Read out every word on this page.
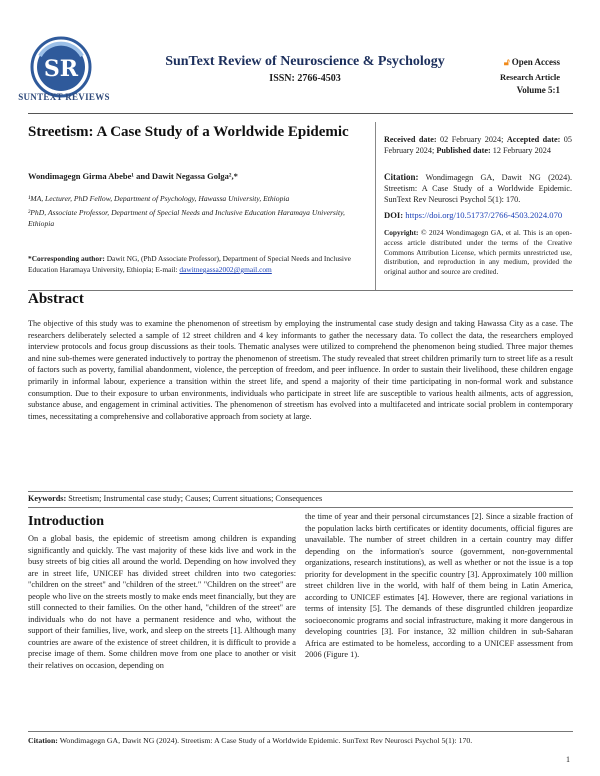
SR
SUNTEXT REVIEWS
SunText Review of Neuroscience & Psychology
ISSN: 2766-4503
🔓︎ Open Access
Research Article
Volume 5:1
Streetism: A Case Study of a Worldwide Epidemic
Wondimagegn Girma Abebe¹ and Dawit Negassa Golga²,*
¹MA, Lecturer, PhD Fellow, Department of Psychology, Hawassa University, Ethiopia
²PhD, Associate Professor, Department of Special Needs and Inclusive Education Haramaya University, Ethiopia
*Corresponding author: Dawit NG, (PhD Associate Professor), Department of Special Needs and Inclusive Education Haramaya University, Ethiopia; E-mail: dawitnegassa2002@gmail.com
Received date: 02 February 2024; Accepted date: 05 February 2024; Published date: 12 February 2024
Citation: Wondimagegn GA, Dawit NG (2024). Streetism: A Case Study of a Worldwide Epidemic. SunText Rev Neurosci Psychol 5(1): 170.
DOI: https://doi.org/10.51737/2766-4503.2024.070
Copyright: © 2024 Wondimagegn GA, et al. This is an open-access article distributed under the terms of the Creative Commons Attribution License, which permits unrestricted use, distribution, and reproduction in any medium, provided the original author and source are credited.
Abstract
The objective of this study was to examine the phenomenon of streetism by employing the instrumental case study design and taking Hawassa City as a case. The researchers deliberately selected a sample of 12 street children and 4 key informants to gather the necessary data. To collect the data, the researchers employed interview protocols and focus group discussions as their tools. Thematic analyses were utilized to comprehend the phenomenon being studied. Three major themes and nine sub-themes were generated inductively to portray the phenomenon of streetism. The study revealed that street children primarily turn to street life as a result of factors such as poverty, familial abandonment, violence, the perception of freedom, and peer influence. In order to sustain their livelihood, these children engage primarily in informal labour, experience a transition within the street life, and spend a majority of their time participating in non-formal work and substance consumption. Due to their exposure to urban environments, individuals who participate in street life are susceptible to various health ailments, acts of aggression, substance abuse, and engagement in criminal activities. The phenomenon of streetism has evolved into a multifaceted and intricate social problem in contemporary times, necessitating a comprehensive and collaborative approach from society at large.
Keywords: Streetism; Instrumental case study; Causes; Current situations; Consequences
Introduction
On a global basis, the epidemic of streetism among children is expanding significantly and quickly. The vast majority of these kids live and work in the busy streets of big cities all around the world. Depending on how involved they are in street life, UNICEF has divided street children into two categories: "children on the street" and "children of the street." "Children on the street" are people who live on the streets mostly to make ends meet financially, but they are still connected to their families. On the other hand, "children of the street" are individuals who do not have a permanent residence and who, without the support of their families, live, work, and sleep on the streets [1]. Although many countries are aware of the existence of street children, it is difficult to provide a precise image of them. Some children move from one place to another or visit their relatives on occasion, depending on
the time of year and their personal circumstances [2]. Since a sizable fraction of the population lacks birth certificates or identity documents, official figures are unavailable. The number of street children in a certain country may differ depending on the information's source (government, non-governmental organizations, research institutions), as well as whether or not the issue is a top priority for development in the specific country [3]. Approximately 100 million street children live in the world, with half of them being in Latin America, according to UNICEF estimates [4]. However, there are regional variations in terms of intensity [5]. The demands of these disgruntled children jeopardize socioeconomic programs and social infrastructure, making it more dangerous in developing countries [3]. For instance, 32 million children in sub-Saharan Africa are estimated to be homeless, according to a UNICEF assessment from 2006 (Figure 1).
Citation: Wondimagegn GA, Dawit NG (2024). Streetism: A Case Study of a Worldwide Epidemic. SunText Rev Neurosci Psychol 5(1): 170.
1
